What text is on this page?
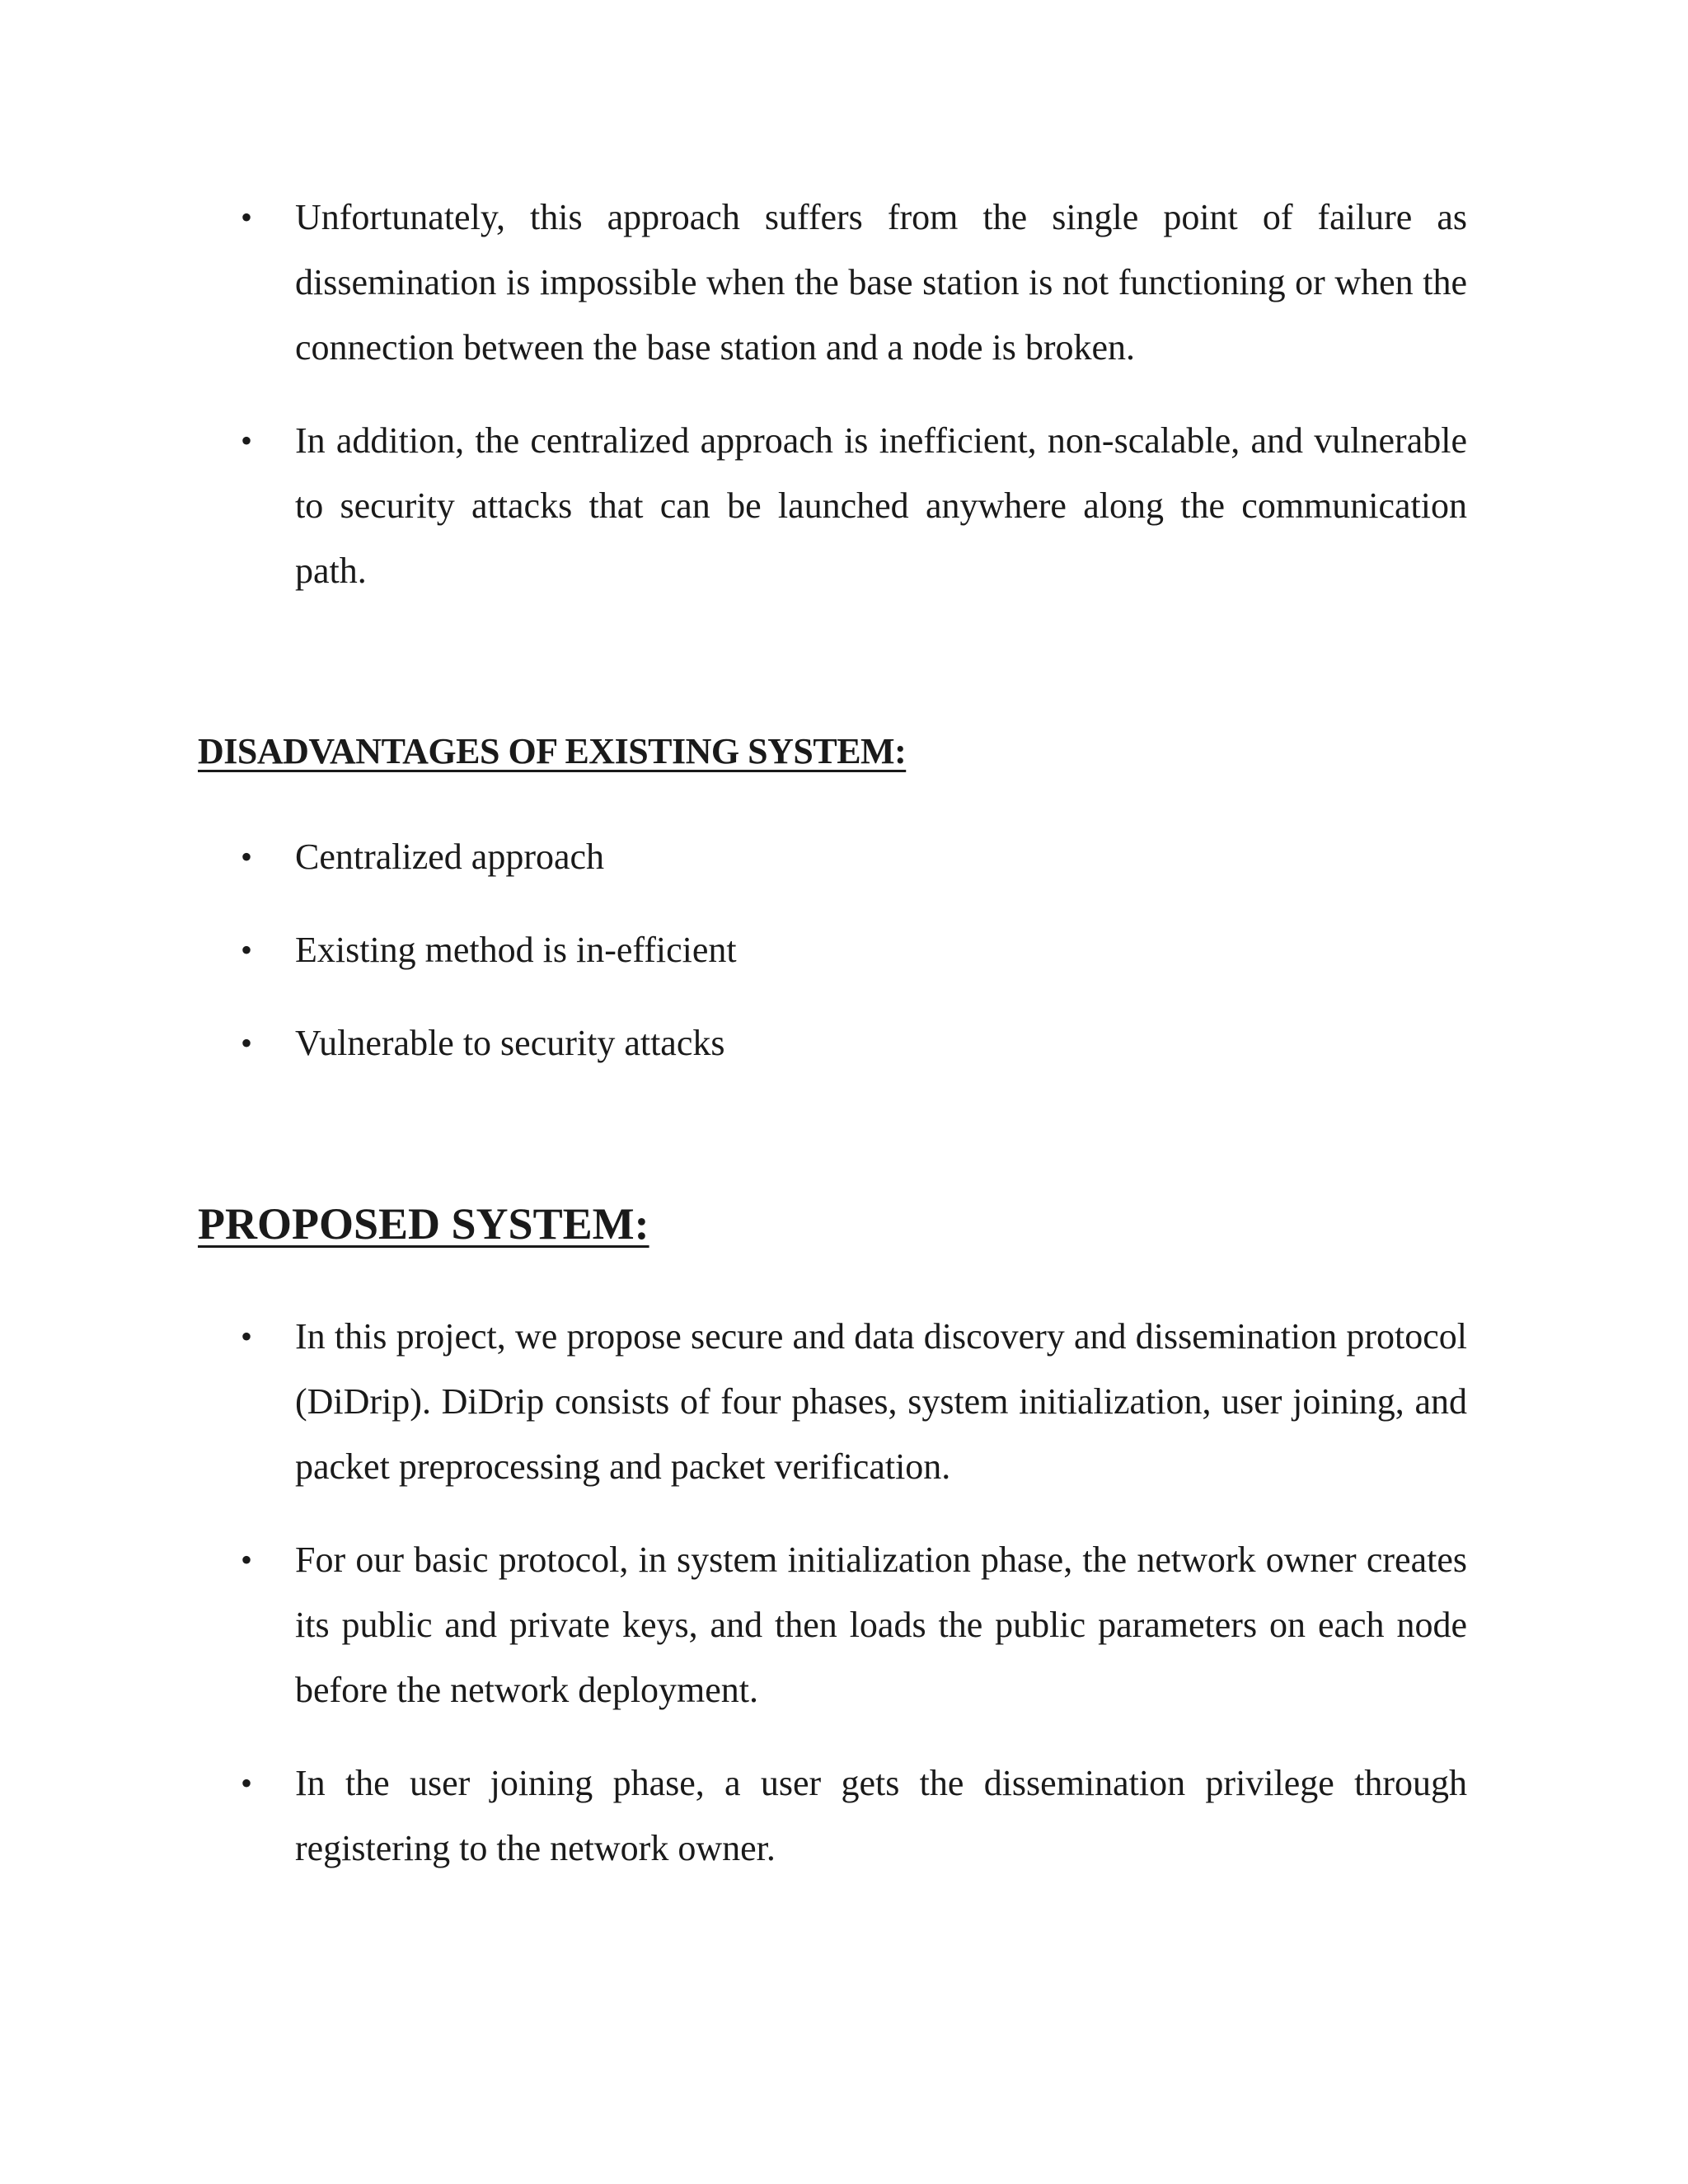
• Unfortunately, this approach suffers from the single point of failure as dissemination is impossible when the base station is not functioning or when the connection between the base station and a node is broken.
• In addition, the centralized approach is inefficient, non-scalable, and vulnerable to security attacks that can be launched anywhere along the communication path.
DISADVANTAGES OF EXISTING SYSTEM:
• Centralized approach
• Existing method is in-efficient
• Vulnerable to security attacks
PROPOSED SYSTEM:
• In this project, we propose secure and data discovery and dissemination protocol (DiDrip). DiDrip consists of four phases, system initialization, user joining, and packet preprocessing and packet verification.
• For our basic protocol, in system initialization phase, the network owner creates its public and private keys, and then loads the public parameters on each node before the network deployment.
• In the user joining phase, a user gets the dissemination privilege through registering to the network owner.
